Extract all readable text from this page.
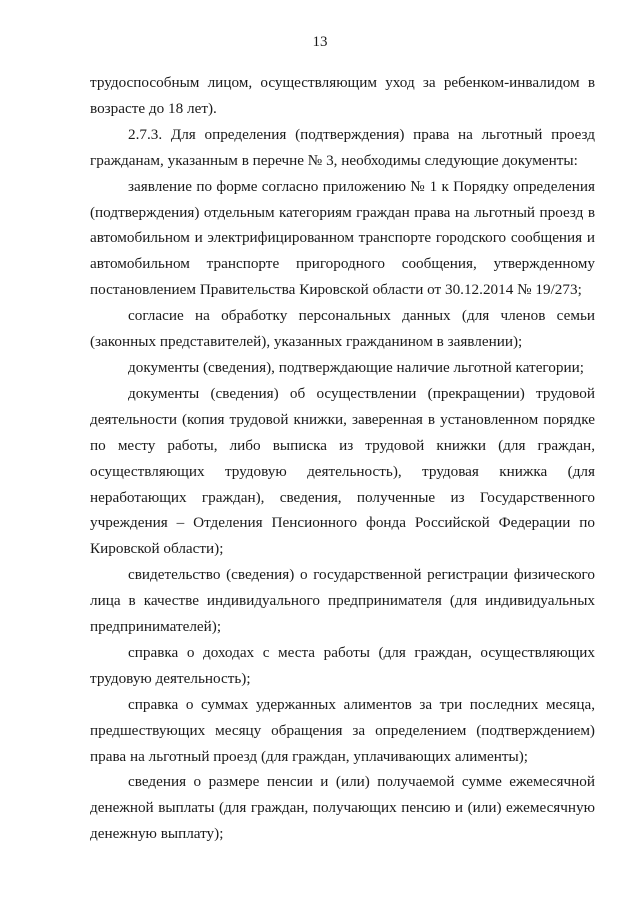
13

трудоспособным лицом, осуществляющим уход за ребенком-инвалидом в возрасте до 18 лет).

2.7.3. Для определения (подтверждения) права на льготный проезд гражданам, указанным в перечне № 3, необходимы следующие документы:

заявление по форме согласно приложению № 1 к Порядку определения (подтверждения) отдельным категориям граждан права на льготный проезд в автомобильном и электрифицированном транспорте городского сообщения и автомобильном транспорте пригородного сообщения, утвержденному постановлением Правительства Кировской области от 30.12.2014 № 19/273;

согласие на обработку персональных данных (для членов семьи (законных представителей), указанных гражданином в заявлении);

документы (сведения), подтверждающие наличие льготной категории;

документы (сведения) об осуществлении (прекращении) трудовой деятельности (копия трудовой книжки, заверенная в установленном порядке по месту работы, либо выписка из трудовой книжки (для граждан, осуществляющих трудовую деятельность), трудовая книжка (для неработающих граждан), сведения, полученные из Государственного учреждения – Отделения Пенсионного фонда Российской Федерации по Кировской области);

свидетельство (сведения) о государственной регистрации физического лица в качестве индивидуального предпринимателя (для индивидуальных предпринимателей);

справка о доходах с места работы (для граждан, осуществляющих трудовую деятельность);

справка о суммах удержанных алиментов за три последних месяца, предшествующих месяцу обращения за определением (подтверждением) права на льготный проезд (для граждан, уплачивающих алименты);

сведения о размере пенсии и (или) получаемой сумме ежемесячной денежной выплаты (для граждан, получающих пенсию и (или) ежемесячную денежную выплату);
